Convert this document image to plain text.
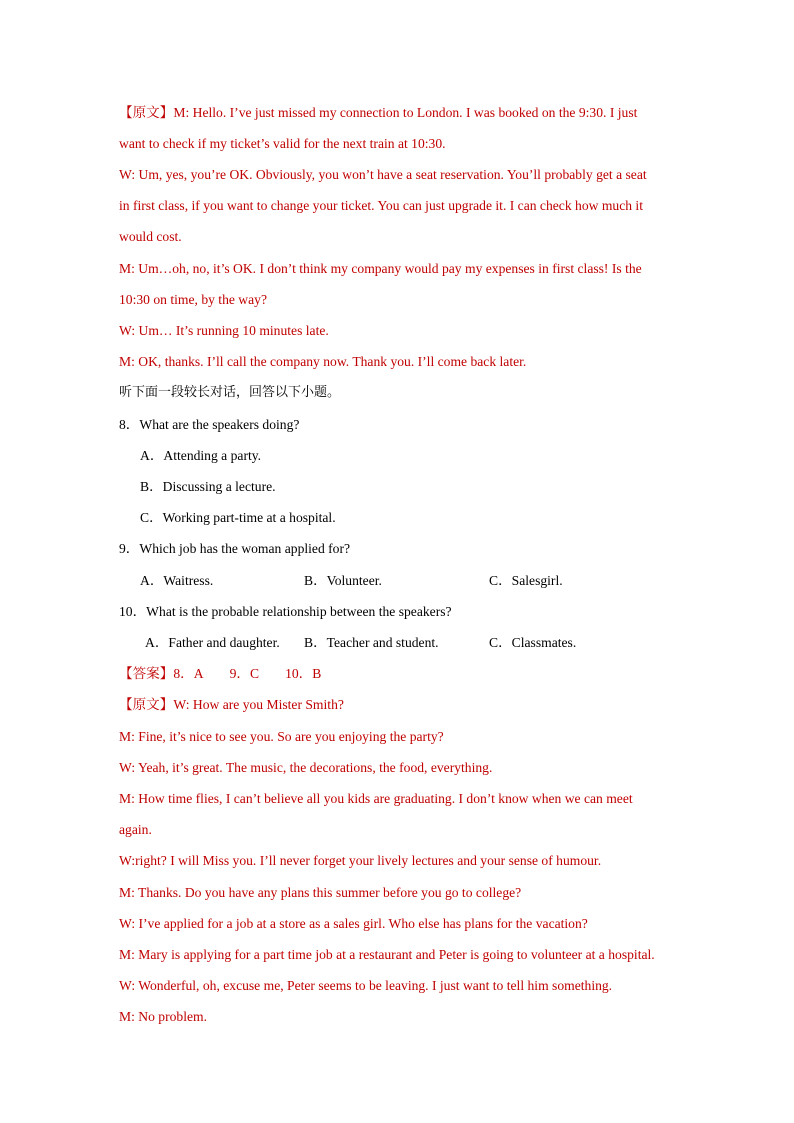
【原文】M: Hello. I’ve just missed my connection to London. I was booked on the 9:30. I just
want to check if my ticket’s valid for the next train at 10:30.
W: Um, yes, you’re OK. Obviously, you won’t have a seat reservation. You’ll probably get a seat
in first class, if you want to change your ticket. You can just upgrade it. I can check how much it
would cost.
M: Um…oh, no, it’s OK. I don’t think my company would pay my expenses in first class! Is the
10:30 on time, by the way?
W: Um… It’s running 10 minutes late.
M: OK, thanks. I’ll call the company now. Thank you. I’ll come back later.
听下面一段较长对话，回答以下小题。
8．What are the speakers doing?
A．Attending a party.
B．Discussing a lecture.
C．Working part-time at a hospital.
9．Which job has the woman applied for?
A．Waitress.	B．Volunteer.	C．Salesgirl.
10．What is the probable relationship between the speakers?
A．Father and daughter.	B．Teacher and student.	C．Classmates.
【答案】8．A 9．C 10．B
【原文】W: How are you Mister Smith?
M: Fine, it’s nice to see you. So are you enjoying the party?
W: Yeah, it’s great. The music, the decorations, the food, everything.
M: How time flies, I can’t believe all you kids are graduating. I don’t know when we can meet
again.
W:right? I will Miss you. I’ll never forget your lively lectures and your sense of humour.
M: Thanks. Do you have any plans this summer before you go to college?
W: I’ve applied for a job at a store as a sales girl. Who else has plans for the vacation?
M: Mary is applying for a part time job at a restaurant and Peter is going to volunteer at a hospital.
W: Wonderful, oh, excuse me, Peter seems to be leaving. I just want to tell him something.
M: No problem.
